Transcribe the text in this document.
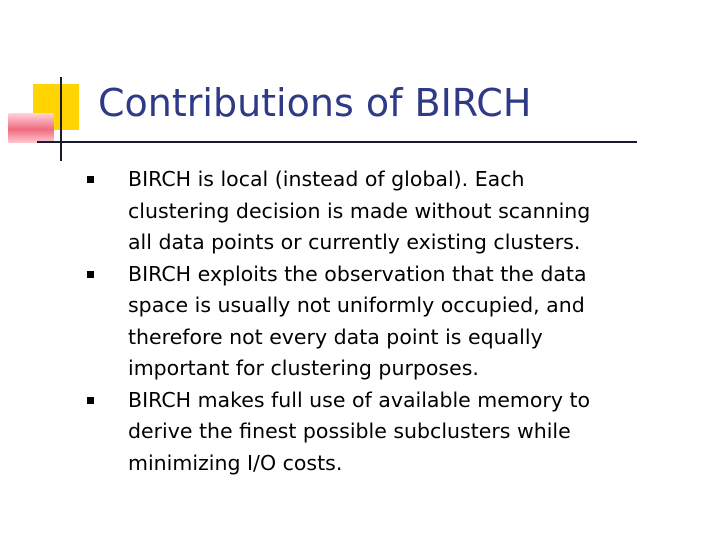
Contributions of BIRCH
BIRCH is local (instead of global). Each
clustering decision is made without scanning
all data points or currently existing clusters.
BIRCH exploits the observation that the data
space is usually not uniformly occupied, and
therefore not every data point is equally
important for clustering purposes.
BIRCH makes full use of available memory to
derive the finest possible subclusters while
minimizing I/O costs.
